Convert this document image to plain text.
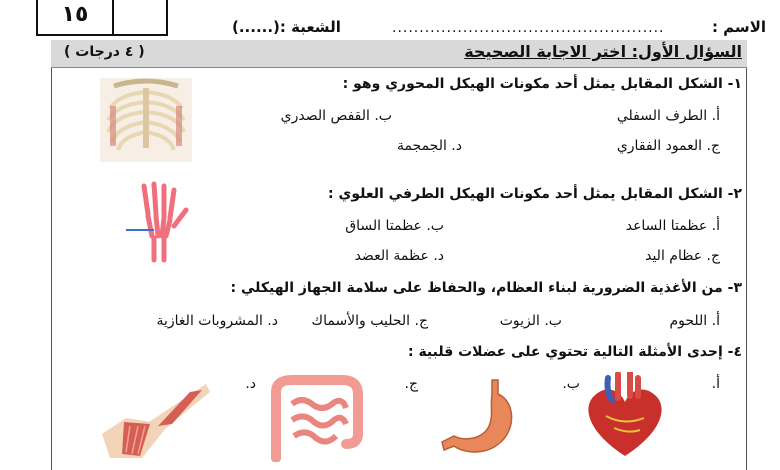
١٥	الشعبة :(......)	..................................................	الاسم :
السؤال الأول: اختر الاجابة الصحيحة
( ٤ درجات )
١- الشكل المقابل يمثل أحد مكونات الهيكل المحوري وهو :
أ. الطرف السفلي
ب. القفص الصدري
ج. العمود الفقاري
د. الجمجمة
٢- الشكل المقابل يمثل أحد مكونات الهيكل الطرفي العلوي :
أ. عظمتا الساعد
ب. عظمتا الساق
ج. عظام اليد
د. عظمة العضد
٣- من الأغذية الضرورية لبناء العظام، والحفاظ على سلامة الجهاز الهيكلي :
أ. اللحوم
ب. الزيوت
ج. الحليب والأسماك
د. المشروبات الغازية
٤- إحدى الأمثلة التالية تحتوي على عضلات قلبية :
أ.
ب.
ج.
د.
